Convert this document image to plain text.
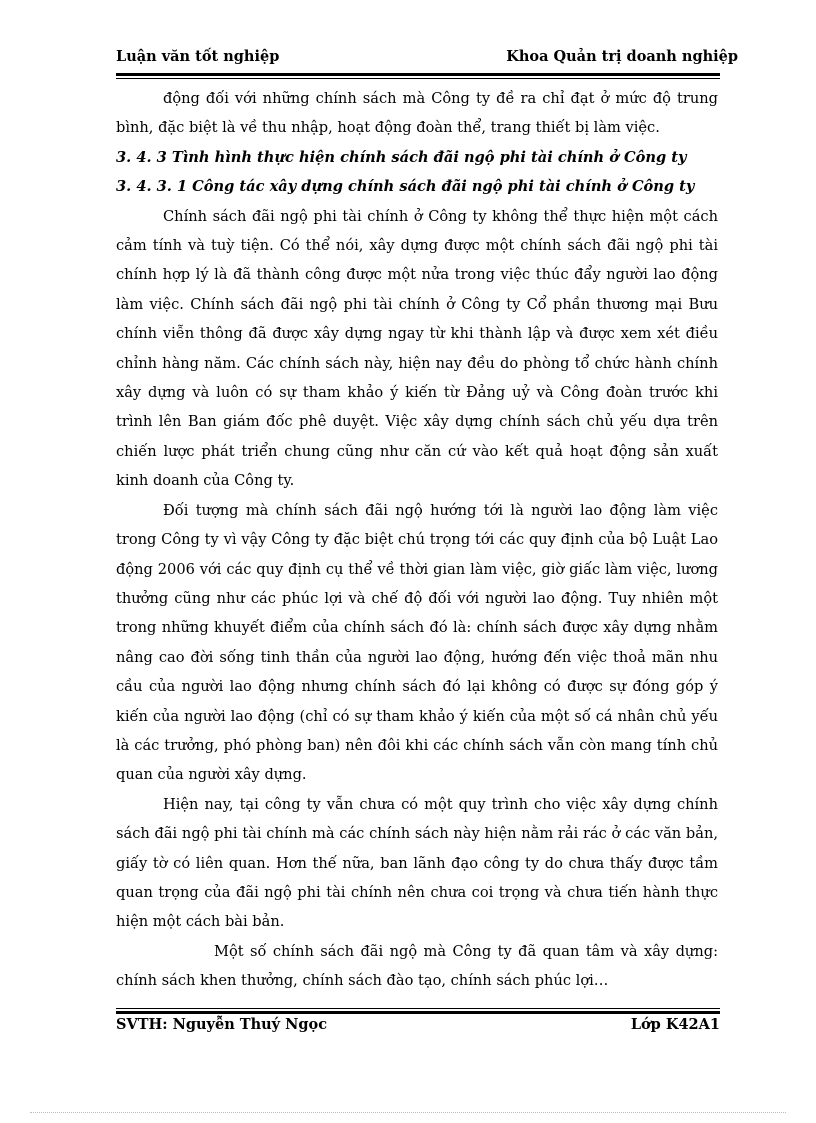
Luận văn tốt nghiệp	Khoa Quản trị doanh nghiệp

động đối với những chính sách mà Công ty đề ra chỉ đạt ở mức độ trung bình, đặc biệt là về thu nhập, hoạt động đoàn thể, trang thiết bị làm việc.

3. 4. 3 Tình hình thực hiện chính sách đãi ngộ phi tài chính ở Công ty
3. 4. 3. 1 Công tác xây dựng chính sách đãi ngộ phi tài chính ở Công ty

Chính sách đãi ngộ phi tài chính ở Công ty không thể thực hiện một cách cảm tính và tuỳ tiện. Có thể nói, xây dựng được một chính sách đãi ngộ phi tài chính hợp lý là đã thành công được một nửa trong việc thúc đẩy người lao động làm việc. Chính sách đãi ngộ phi tài chính ở Công ty Cổ phần thương mại Bưu chính viễn thông đã được xây dựng ngay từ khi thành lập và được xem xét điều chỉnh hàng năm. Các chính sách này, hiện nay đều do phòng tổ chức hành chính xây dựng và luôn có sự tham khảo ý kiến từ Đảng uỷ và Công đoàn trước khi trình lên Ban giám đốc phê duyệt. Việc xây dựng chính sách chủ yếu dựa trên chiến lược phát triển chung cũng như căn cứ vào kết quả hoạt động sản xuất kinh doanh của Công ty.

Đối tượng mà chính sách đãi ngộ hướng tới là người lao động làm việc trong Công ty vì vậy Công ty đặc biệt chú trọng tới các quy định của bộ Luật Lao động 2006 với các quy định cụ thể về thời gian làm việc, giờ giấc làm việc, lương thưởng cũng như các phúc lợi và chế độ đối với người lao động. Tuy nhiên một trong những khuyết điểm của chính sách đó là: chính sách được xây dựng nhằm nâng cao đời sống tinh thần của người lao động, hướng đến việc thoả mãn nhu cầu của người lao động nhưng chính sách đó lại không có được sự đóng góp ý kiến của người lao động (chỉ có sự tham khảo ý kiến của một số cá nhân chủ yếu là các trưởng, phó phòng ban) nên đôi khi các chính sách vẫn còn mang tính chủ quan của người xây dựng.

Hiện nay, tại công ty vẫn chưa có một quy trình cho việc xây dựng chính sách đãi ngộ phi tài chính mà các chính sách này hiện nằm rải rác ở các văn bản, giấy tờ có liên quan. Hơn thế nữa, ban lãnh đạo công ty do chưa thấy được tầm quan trọng của đãi ngộ phi tài chính nên chưa coi trọng và chưa tiến hành thực hiện một cách bài bản.

Một số chính sách đãi ngộ mà Công ty đã quan tâm và xây dựng: chính sách khen thưởng, chính sách đào tạo, chính sách phúc lợi…

SVTH: Nguyễn Thuý Ngọc	Lớp K42A1
